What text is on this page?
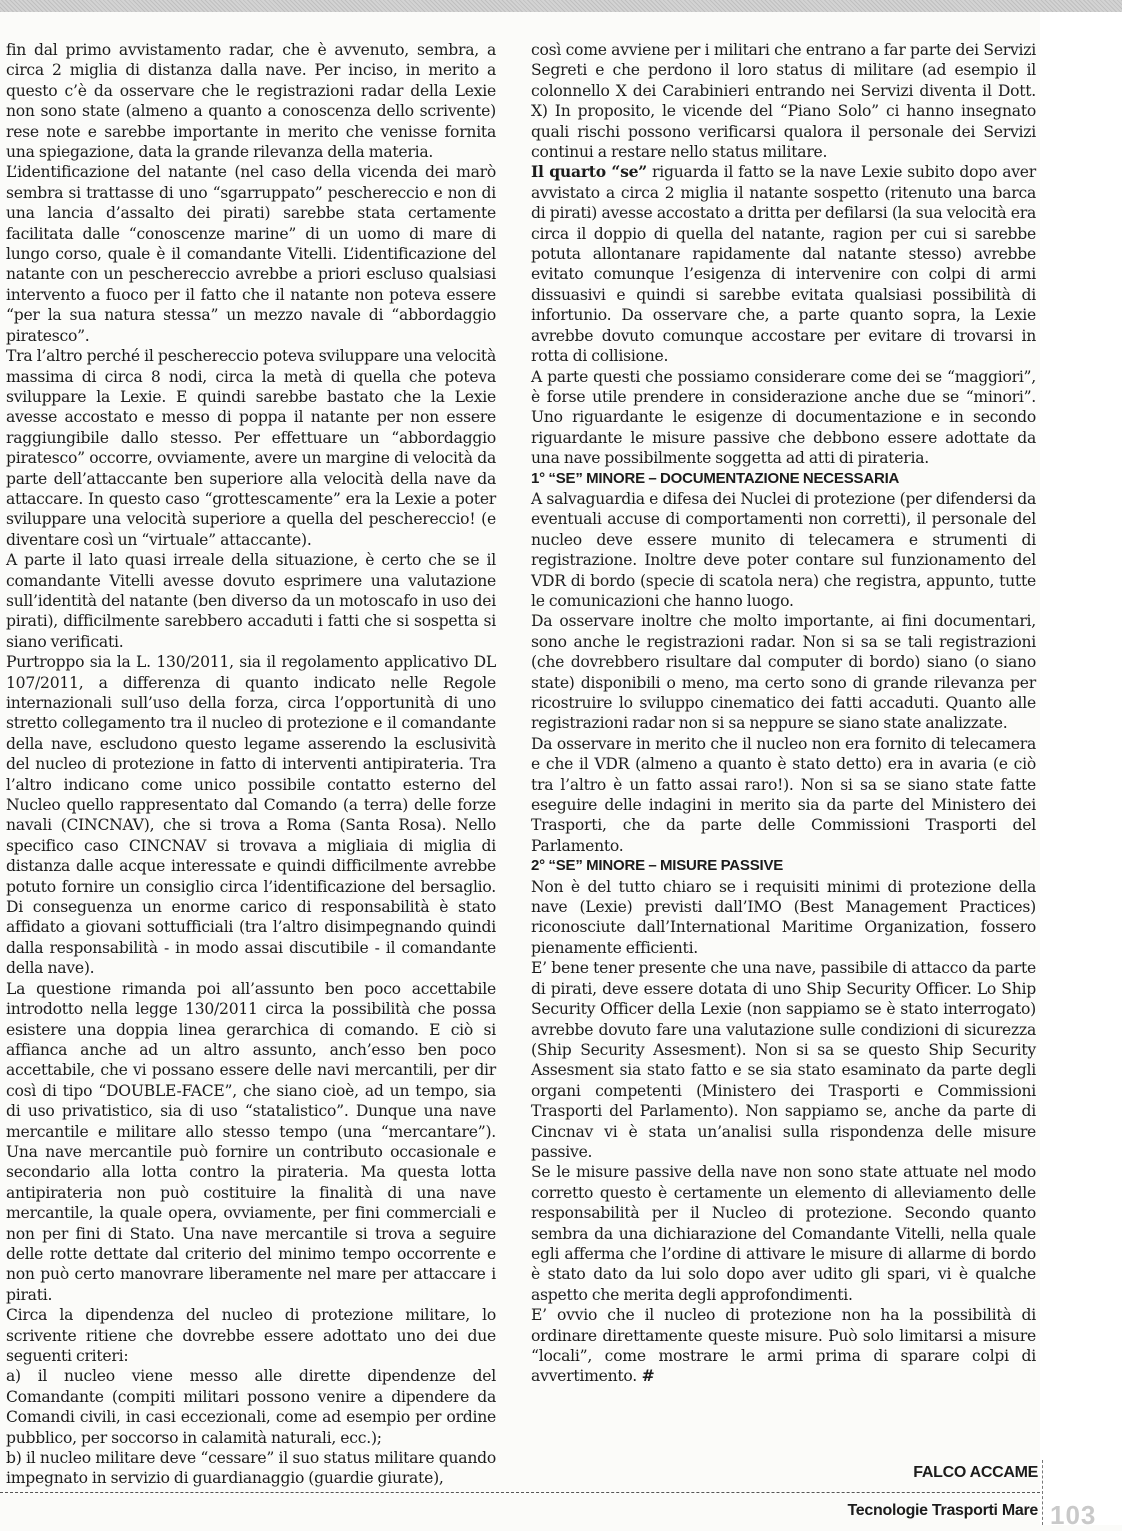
fin dal primo avvistamento radar, che è avvenuto, sembra, a circa 2 miglia di distanza dalla nave. Per inciso, in merito a questo c’è da osservare che le registrazioni radar della Lexie non sono state (almeno a quanto a conoscenza dello scrivente) rese note e sarebbe importante in merito che venisse fornita una spiegazione, data la grande rilevanza della materia.

L’identificazione del natante (nel caso della vicenda dei marò sembra si trattasse di uno “sgarruppato” peschereccio e non di una lancia d’assalto dei pirati) sarebbe stata certamente facilitata dalle “conoscenze marine” di un uomo di mare di lungo corso, quale è il comandante Vitelli. L’identificazione del natante con un peschereccio avrebbe a priori escluso qualsiasi intervento a fuoco per il fatto che il natante non poteva essere “per la sua natura stessa” un mezzo navale di “abbordaggio piratesco”.

Tra l’altro perché il peschereccio poteva sviluppare una velocità massima di circa 8 nodi, circa la metà di quella che poteva sviluppare la Lexie. E quindi sarebbe bastato che la Lexie avesse accostato e messo di poppa il natante per non essere raggiungibile dallo stesso. Per effettuare un “abbordaggio piratesco” occorre, ovviamente, avere un margine di velocità da parte dell’attaccante ben superiore alla velocità della nave da attaccare. In questo caso “grottescamente” era la Lexie a poter sviluppare una velocità superiore a quella del peschereccio! (e diventare così un “virtuale” attaccante).

A parte il lato quasi irreale della situazione, è certo che se il comandante Vitelli avesse dovuto esprimere una valutazione sull’identità del natante (ben diverso da un motoscafo in uso dei pirati), difficilmente sarebbero accaduti i fatti che si sospetta si siano verificati.

Purtroppo sia la L. 130/2011, sia il regolamento applicativo DL 107/2011, a differenza di quanto indicato nelle Regole internazionali sull’uso della forza, circa l’opportunità di uno stretto collegamento tra il nucleo di protezione e il comandante della nave, escludono questo legame asserendo la esclusività del nucleo di protezione in fatto di interventi antipirateria. Tra l’altro indicano come unico possibile contatto esterno del Nucleo quello rappresentato dal Comando (a terra) delle forze navali (CINCNAV), che si trova a Roma (Santa Rosa). Nello specifico caso CINCNAV si trovava a migliaia di miglia di distanza dalle acque interessate e quindi difficilmente avrebbe potuto fornire un consiglio circa l’identificazione del bersaglio. Di conseguenza un enorme carico di responsabilità è stato affidato a giovani sottufficiali (tra l’altro disimpegnando quindi dalla responsabilità - in modo assai discutibile - il comandante della nave).

La questione rimanda poi all’assunto ben poco accettabile introdotto nella legge 130/2011 circa la possibilità che possa esistere una doppia linea gerarchica di comando. E ciò si affianca anche ad un altro assunto, anch’esso ben poco accettabile, che vi possano essere delle navi mercantili, per dir così di tipo “DOUBLE-FACE”, che siano cioè, ad un tempo, sia di uso privatistico, sia di uso “statalistico”. Dunque una nave mercantile e militare allo stesso tempo (una “mercantare”). Una nave mercantile può fornire un contributo occasionale e secondario alla lotta contro la pirateria. Ma questa lotta antipirateria non può costituire la finalità di una nave mercantile, la quale opera, ovviamente, per fini commerciali e non per fini di Stato. Una nave mercantile si trova a seguire delle rotte dettate dal criterio del minimo tempo occorrente e non può certo manovrare liberamente nel mare per attaccare i pirati.

Circa la dipendenza del nucleo di protezione militare, lo scrivente ritiene che dovrebbe essere adottato uno dei due seguenti criteri:

a) il nucleo viene messo alle dirette dipendenze del Comandante (compiti militari possono venire a dipendere da Comandi civili, in casi eccezionali, come ad esempio per ordine pubblico, per soccorso in calamità naturali, ecc.);

b) il nucleo militare deve “cessare” il suo status militare quando impegnato in servizio di guardianaggio (guardie giurate),

così come avviene per i militari che entrano a far parte dei Servizi Segreti e che perdono il loro status di militare (ad esempio il colonnello X dei Carabinieri entrando nei Servizi diventa il Dott. X) In proposito, le vicende del “Piano Solo” ci hanno insegnato quali rischi possono verificarsi qualora il personale dei Servizi continui a restare nello status militare.

Il quarto “se” riguarda il fatto se la nave Lexie subito dopo aver avvistato a circa 2 miglia il natante sospetto (ritenuto una barca di pirati) avesse accostato a dritta per defilarsi (la sua velocità era circa il doppio di quella del natante, ragion per cui si sarebbe potuta allontanare rapidamente dal natante stesso) avrebbe evitato comunque l’esigenza di intervenire con colpi di armi dissuasivi e quindi si sarebbe evitata qualsiasi possibilità di infortunio. Da osservare che, a parte quanto sopra, la Lexie avrebbe dovuto comunque accostare per evitare di trovarsi in rotta di collisione.

A parte questi che possiamo considerare come dei se “maggiori”, è forse utile prendere in considerazione anche due se “minori”. Uno riguardante le esigenze di documentazione e in secondo riguardante le misure passive che debbono essere adottate da una nave possibilmente soggetta ad atti di pirateria.

1° “SE” MINORE – DOCUMENTAZIONE NECESSARIA

A salvaguardia e difesa dei Nuclei di protezione (per difendersi da eventuali accuse di comportamenti non corretti), il personale del nucleo deve essere munito di telecamera e strumenti di registrazione. Inoltre deve poter contare sul funzionamento del VDR di bordo (specie di scatola nera) che registra, appunto, tutte le comunicazioni che hanno luogo.

Da osservare inoltre che molto importante, ai fini documentari, sono anche le registrazioni radar. Non si sa se tali registrazioni (che dovrebbero risultare dal computer di bordo) siano (o siano state) disponibili o meno, ma certo sono di grande rilevanza per ricostruire lo sviluppo cinematico dei fatti accaduti. Quanto alle registrazioni radar non si sa neppure se siano state analizzate.

Da osservare in merito che il nucleo non era fornito di telecamera e che il VDR (almeno a quanto è stato detto) era in avaria (e ciò tra l’altro è un fatto assai raro!). Non si sa se siano state fatte eseguire delle indagini in merito sia da parte del Ministero dei Trasporti, che da parte delle Commissioni Trasporti del Parlamento.

2° “SE” MINORE – MISURE PASSIVE

Non è del tutto chiaro se i requisiti minimi di protezione della nave (Lexie) previsti dall’IMO (Best Management Practices) riconosciute dall’International Maritime Organization, fossero pienamente efficienti.

E’ bene tener presente che una nave, passibile di attacco da parte di pirati, deve essere dotata di uno Ship Security Officer. Lo Ship Security Officer della Lexie (non sappiamo se è stato interrogato) avrebbe dovuto fare una valutazione sulle condizioni di sicurezza (Ship Security Assesment). Non si sa se questo Ship Security Assesment sia stato fatto e se sia stato esaminato da parte degli organi competenti (Ministero dei Trasporti e Commissioni Trasporti del Parlamento). Non sappiamo se, anche da parte di Cincnav vi è stata un’analisi sulla rispondenza delle misure passive.

Se le misure passive della nave non sono state attuate nel modo corretto questo è certamente un elemento di alleviamento delle responsabilità per il Nucleo di protezione. Secondo quanto sembra da una dichiarazione del Comandante Vitelli, nella quale egli afferma che l’ordine di attivare le misure di allarme di bordo è stato dato da lui solo dopo aver udito gli spari, vi è qualche aspetto che merita degli approfondimenti.

E’ ovvio che il nucleo di protezione non ha la possibilità di ordinare direttamente queste misure. Può solo limitarsi a misure “locali”, come mostrare le armi prima di sparare colpi di avvertimento. #

FALCO ACCAME
Tecnologie Trasporti Mare 103
